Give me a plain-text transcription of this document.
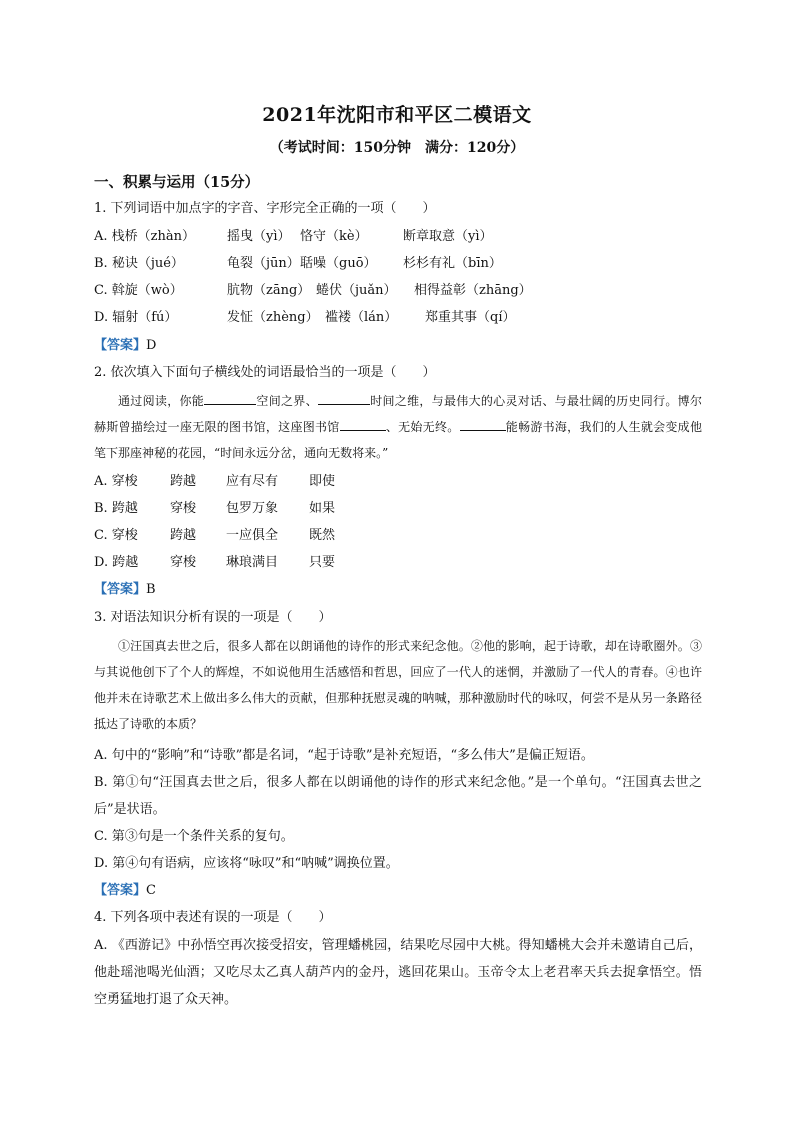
2021年沈阳市和平区二模语文
（考试时间：150分钟　满分：120分）
一、积累与运用（15分）
1. 下列词语中加点字的字音、字形完全正确的一项（　　）
A. 栈桥（zhàn） 摇曳（yì） 恪守（kè）	断章取意（yì）
B. 秘诀（jué）	龟裂（jūn）聒噪（guō） 杉杉有礼（bīn）
C. 斡旋（wò）	肮物（zāng） 蜷伏（juǎn） 相得益彰（zhāng）
D. 辐射（fú）	发怔（zhèng） 褴褛（lán） 郑重其事（qí）
【答案】D
2. 依次填入下面句子横线处的词语最恰当的一项是（　　）
通过阅读，你能	空间之界、	时间之维，与最伟大的心灵对话、与最壮阔的历史同行。博尔赫斯曾描绘过一座无限的图书馆，这座图书馆	、无始无终。	能畅游书海，我们的人生就会变成他笔下那座神秘的花园，“时间永远分岔，通向无数将来。”
A. 穿梭 跨越 应有尽有 即使
B. 跨越 穿梭 包罗万象 如果
C. 穿梭 跨越 一应俱全 既然
D. 跨越 穿梭 琳琅满目 只要
【答案】B
3. 对语法知识分析有误的一项是（　　）
①汪国真去世之后，很多人都在以朗诵他的诗作的形式来纪念他。②他的影响，起于诗歌，却在诗歌圈外。③与其说他创下了个人的辉煌，不如说他用生活感悟和哲思，回应了一代人的迷惘，并激励了一代人的青春。④也许他并未在诗歌艺术上做出多么伟大的贡献，但那种抚慰灵魂的呐喊，那种激励时代的咏叹，何尝不是从另一条路径抵达了诗歌的本质？
A. 句中的“影响”和“诗歌”都是名词，“起于诗歌”是补充短语，“多么伟大”是偏正短语。
B. 第①句“汪国真去世之后，很多人都在以朗诵他的诗作的形式来纪念他。”是一个单句。“汪国真去世之后”是状语。
C. 第③句是一个条件关系的复句。
D. 第④句有语病，应该将“咏叹”和“呐喊”调换位置。
【答案】C
4. 下列各项中表述有误的一项是（　　）
A. 《西游记》中孙悟空再次接受招安，管理蟠桃园，结果吃尽园中大桃。得知蟠桃大会并未邀请自己后，他赴瑶池喝光仙酒；又吃尽太乙真人葫芦内的金丹，逃回花果山。玉帝令太上老君率天兵去捉拿悟空。悟空勇猛地打退了众天神。
